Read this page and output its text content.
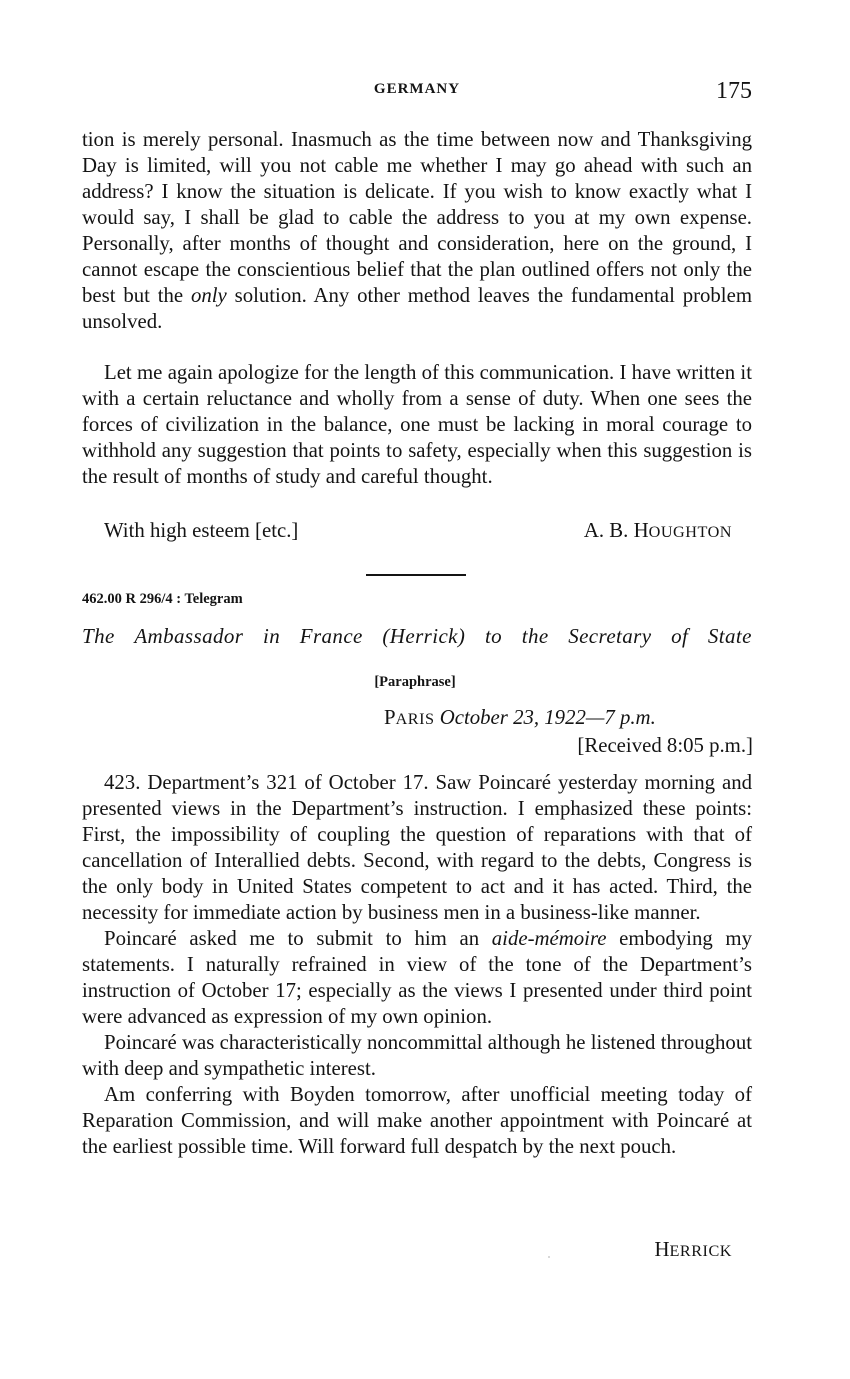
GERMANY	175

tion is merely personal. Inasmuch as the time between now and Thanksgiving Day is limited, will you not cable me whether I may go ahead with such an address? I know the situation is delicate. If you wish to know exactly what I would say, I shall be glad to cable the address to you at my own expense. Personally, after months of thought and consideration, here on the ground, I cannot escape the conscientious belief that the plan outlined offers not only the best but the only solution. Any other method leaves the fundamental problem unsolved.

Let me again apologize for the length of this communication. I have written it with a certain reluctance and wholly from a sense of duty. When one sees the forces of civilization in the balance, one must be lacking in moral courage to withhold any suggestion that points to safety, especially when this suggestion is the result of months of study and careful thought.

With high esteem [etc.]	A. B. HOUGHTON
462.00 R 296/4 : Telegram
The Ambassador in France (Herrick) to the Secretary of State
[Paraphrase]
PARIS October 23, 1922—7 p.m.
[Received 8:05 p.m.]

423. Department’s 321 of October 17. Saw Poincaré yesterday morning and presented views in the Department’s instruction. I emphasized these points: First, the impossibility of coupling the question of reparations with that of cancellation of Interallied debts. Second, with regard to the debts, Congress is the only body in United States competent to act and it has acted. Third, the necessity for immediate action by business men in a business-like manner.

Poincaré asked me to submit to him an aide-mémoire embodying my statements. I naturally refrained in view of the tone of the Department’s instruction of October 17; especially as the views I presented under third point were advanced as expression of my own opinion.

Poincaré was characteristically noncommittal although he listened throughout with deep and sympathetic interest.

Am conferring with Boyden tomorrow, after unofficial meeting today of Reparation Commission, and will make another appointment with Poincaré at the earliest possible time. Will forward full despatch by the next pouch.

HERRICK
